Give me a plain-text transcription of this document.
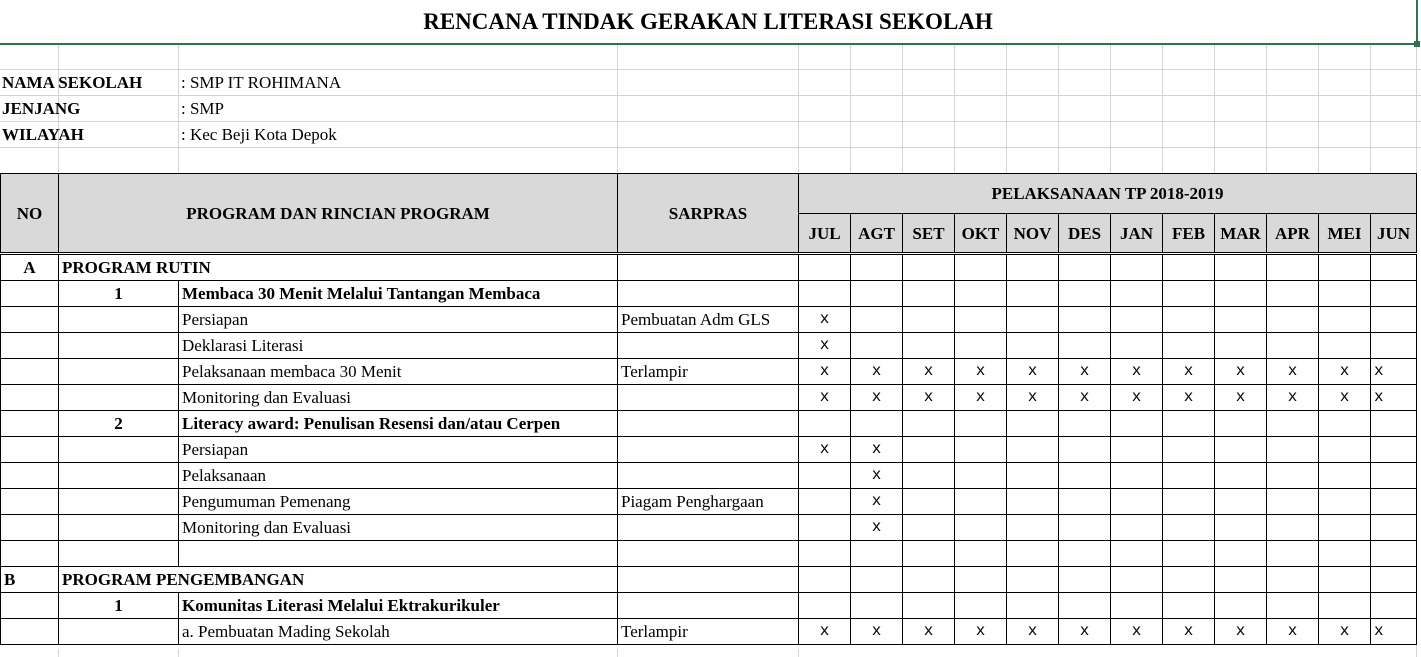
RENCANA TINDAK GERAKAN LITERASI SEKOLAH
NAMA SEKOLAH : SMP IT ROHIMANA
JENJANG	: SMP
WILAYAH	: Kec Beji Kota Depok
NO	PROGRAM DAN RINCIAN PROGRAM		SARPRAS	PELAKSANAAN TP 2018-2019											
				JUL	AGT	SET	OKT	NOV	DES	JAN	FEB	MAR	APR	MEI	JUN
A	PROGRAM RUTIN														
	1	Membaca 30 Menit Melalui Tantangan Membaca													
		Persiapan	Pembuatan Adm GLS	x											
		Deklarasi Literasi		x											
		Pelaksanaan membaca 30 Menit	Terlampir	x	x	x	x	x	x	x	x	x	x	x	x
		Monitoring dan Evaluasi		x	x	x	x	x	x	x	x	x	x	x	x
	2	Literacy award: Penulisan Resensi dan/atau Cerpen													
		Persiapan		x	x										
		Pelaksanaan			x										
		Pengumuman Pemenang	Piagam Penghargaan		x										
		Monitoring dan Evaluasi			x										

B	PROGRAM PENGEMBANGAN														
	1	Komunitas Literasi Melalui Ektrakurikuler													
		a. Pembuatan Mading Sekolah	Terlampir	x	x	x	x	x	x	x	x	x	x	x	x
